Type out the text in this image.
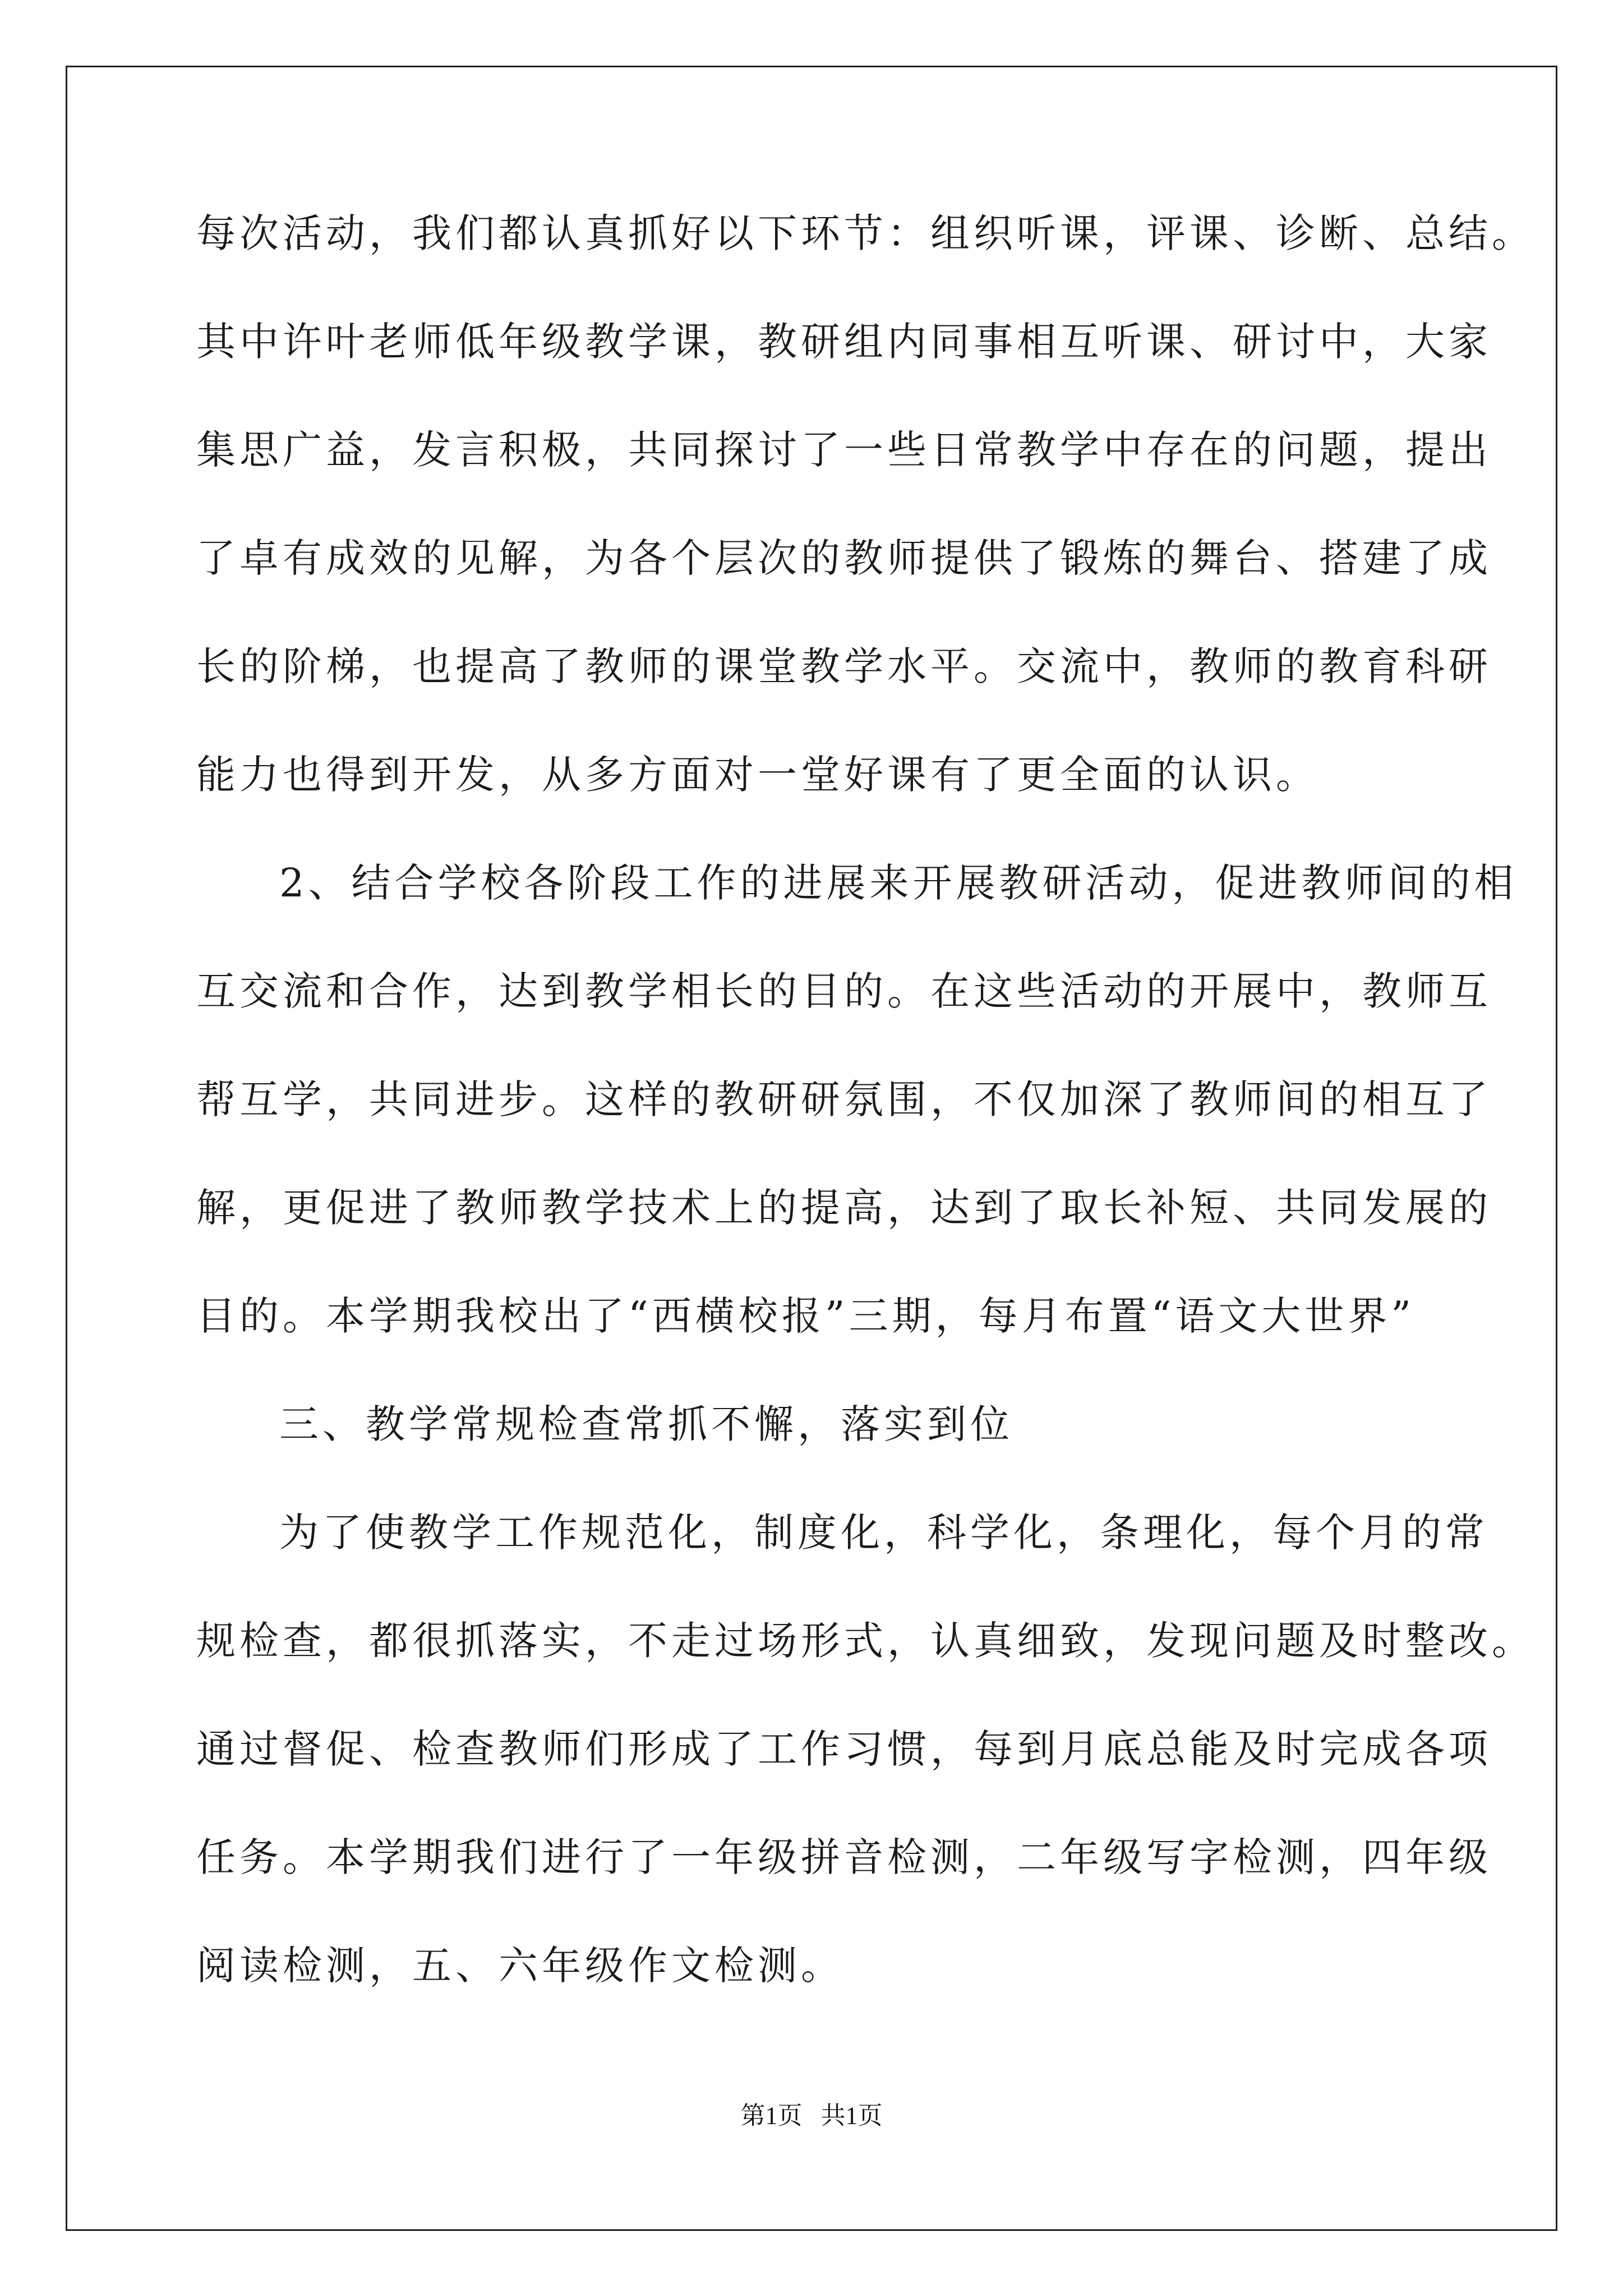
每次活动，我们都认真抓好以下环节：组织听课，评课、诊断、总结。
其中许叶老师低年级教学课，教研组内同事相互听课、研讨中，大家
集思广益，发言积极，共同探讨了一些日常教学中存在的问题，提出
了卓有成效的见解，为各个层次的教师提供了锻炼的舞台、搭建了成
长的阶梯，也提高了教师的课堂教学水平。交流中，教师的教育科研
能力也得到开发，从多方面对一堂好课有了更全面的认识。
2、结合学校各阶段工作的进展来开展教研活动，促进教师间的相
互交流和合作，达到教学相长的目的。在这些活动的开展中，教师互
帮互学，共同进步。这样的教研研氛围，不仅加深了教师间的相互了
解，更促进了教师教学技术上的提高，达到了取长补短、共同发展的
目的。本学期我校出了“西横校报”三期，每月布置“语文大世界”
三、教学常规检查常抓不懈，落实到位
为了使教学工作规范化，制度化，科学化，条理化，每个月的常
规检查，都很抓落实，不走过场形式，认真细致，发现问题及时整改。
通过督促、检查教师们形成了工作习惯，每到月底总能及时完成各项
任务。本学期我们进行了一年级拼音检测，二年级写字检测，四年级
阅读检测，五、六年级作文检测。
第1页   共1页
